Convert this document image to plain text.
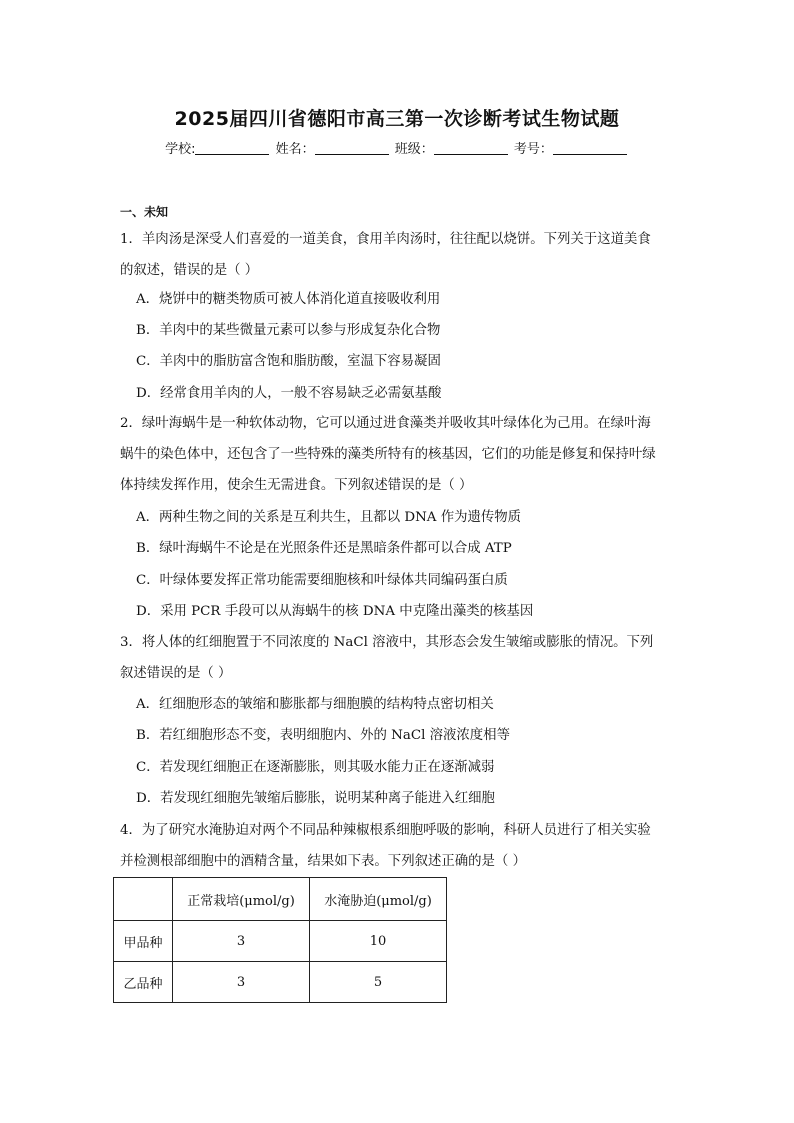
2025届四川省德阳市高三第一次诊断考试生物试题
学校:	姓名：	班级：	考号：
一、未知
1．羊肉汤是深受人们喜爱的一道美食，食用羊肉汤时，往往配以烧饼。下列关于这道美食
的叙述，错误的是（ ）
A．烧饼中的糖类物质可被人体消化道直接吸收利用
B．羊肉中的某些微量元素可以参与形成复杂化合物
C．羊肉中的脂肪富含饱和脂肪酸，室温下容易凝固
D．经常食用羊肉的人，一般不容易缺乏必需氨基酸
2．绿叶海蜗牛是一种软体动物，它可以通过进食藻类并吸收其叶绿体化为己用。在绿叶海
蜗牛的染色体中，还包含了一些特殊的藻类所特有的核基因，它们的功能是修复和保持叶绿
体持续发挥作用，使余生无需进食。下列叙述错误的是（ ）
A．两种生物之间的关系是互利共生，且都以 DNA 作为遗传物质
B．绿叶海蜗牛不论是在光照条件还是黑暗条件都可以合成 ATP
C．叶绿体要发挥正常功能需要细胞核和叶绿体共同编码蛋白质
D．采用 PCR 手段可以从海蜗牛的核 DNA 中克隆出藻类的核基因
3．将人体的红细胞置于不同浓度的 NaCl 溶液中，其形态会发生皱缩或膨胀的情况。下列
叙述错误的是（ ）
A．红细胞形态的皱缩和膨胀都与细胞膜的结构特点密切相关
B．若红细胞形态不变，表明细胞内、外的 NaCl 溶液浓度相等
C．若发现红细胞正在逐渐膨胀，则其吸水能力正在逐渐减弱
D．若发现红细胞先皱缩后膨胀，说明某种离子能进入红细胞
4．为了研究水淹胁迫对两个不同品种辣椒根系细胞呼吸的影响，科研人员进行了相关实验
并检测根部细胞中的酒精含量，结果如下表。下列叙述正确的是（ ）
	正常栽培(μmol/g)	水淹胁迫(μmol/g)
甲品种	3	10
乙品种	3	5
